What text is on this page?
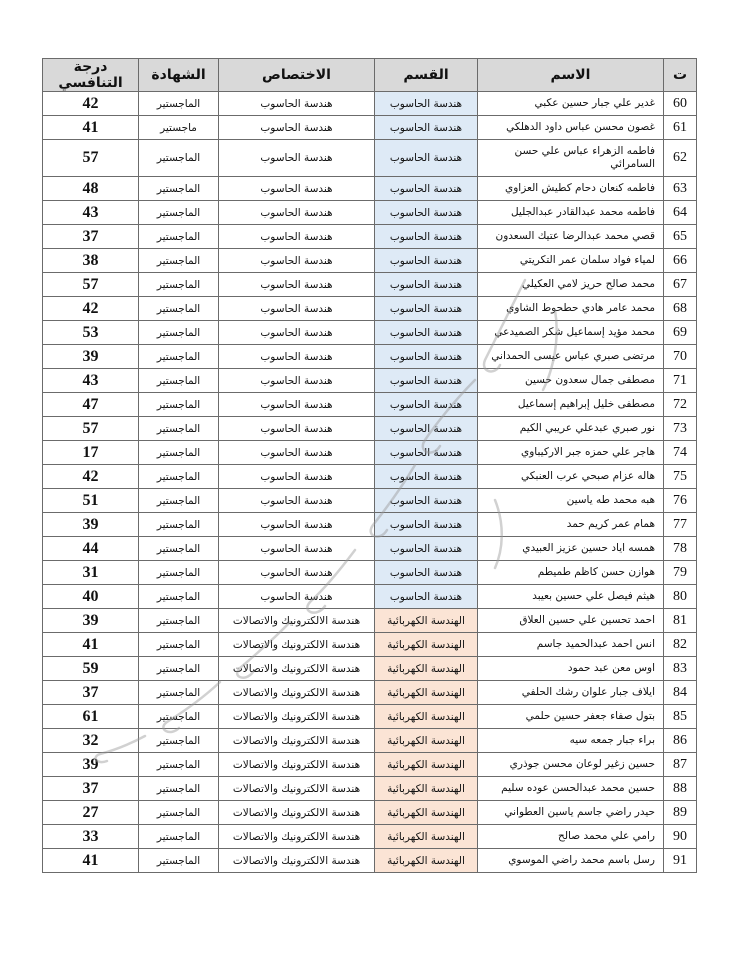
ت	الاسم	القسم	الاختصاص	الشهادة	درجة التنافسي
60	غدير علي جبار حسين عكبي	هندسة الحاسوب	هندسة الحاسوب	الماجستير	42
61	غصون محسن عباس داود الدهلكي	هندسة الحاسوب	هندسة الحاسوب	ماجستير	41
62	فاطمه الزهراء عباس علي حسن السامرائي	هندسة الحاسوب	هندسة الحاسوب	الماجستير	57
63	فاطمه كنعان دحام كطيش العزاوي	هندسة الحاسوب	هندسة الحاسوب	الماجستير	48
64	فاطمه محمد عبدالقادر عبدالجليل	هندسة الحاسوب	هندسة الحاسوب	الماجستير	43
65	قصي محمد عبدالرضا عتيك السعدون	هندسة الحاسوب	هندسة الحاسوب	الماجستير	37
66	لمياء فواد سلمان عمر التكريتي	هندسة الحاسوب	هندسة الحاسوب	الماجستير	38
67	محمد صالح حريز لامي العكيلي	هندسة الحاسوب	هندسة الحاسوب	الماجستير	57
68	محمد عامر هادي حطحوط الشاوي	هندسة الحاسوب	هندسة الحاسوب	الماجستير	42
69	محمد مؤيد إسماعيل شكر الصميدعي	هندسة الحاسوب	هندسة الحاسوب	الماجستير	53
70	مرتضى صبري عباس عيسى الحمداني	هندسة الحاسوب	هندسة الحاسوب	الماجستير	39
71	مصطفى جمال سعدون حسين	هندسة الحاسوب	هندسة الحاسوب	الماجستير	43
72	مصطفى خليل إبراهيم إسماعيل	هندسة الحاسوب	هندسة الحاسوب	الماجستير	47
73	نور صبري عبدعلي عريبي الكيم	هندسة الحاسوب	هندسة الحاسوب	الماجستير	57
74	هاجر علي حمزه جبر الاركيباوي	هندسة الحاسوب	هندسة الحاسوب	الماجستير	17
75	هاله عزام صبحي عرب العنبكي	هندسة الحاسوب	هندسة الحاسوب	الماجستير	42
76	هبه محمد طه ياسين	هندسة الحاسوب	هندسة الحاسوب	الماجستير	51
77	همام عمر كريم حمد	هندسة الحاسوب	هندسة الحاسوب	الماجستير	39
78	همسه اياد حسين عزيز العبيدي	هندسة الحاسوب	هندسة الحاسوب	الماجستير	44
79	هوازن حسن كاظم طميطم	هندسة الحاسوب	هندسة الحاسوب	الماجستير	31
80	هيثم فيصل علي حسين بعيبد	هندسة الحاسوب	هندسة الحاسوب	الماجستير	40
81	احمد تحسين علي حسين العلاق	الهندسة الكهربائية	هندسة الالكترونيك والاتصالات	الماجستير	39
82	انس احمد عبدالحميد جاسم	الهندسة الكهربائية	هندسة الالكترونيك والاتصالات	الماجستير	41
83	اوس معن عبد حمود	الهندسة الكهربائية	هندسة الالكترونيك والاتصالات	الماجستير	59
84	ايلاف جبار علوان رشك الحلفي	الهندسة الكهربائية	هندسة الالكترونيك والاتصالات	الماجستير	37
85	بتول صفاء جعفر حسين حلمي	الهندسة الكهربائية	هندسة الالكترونيك والاتصالات	الماجستير	61
86	براء جبار جمعه سيه	الهندسة الكهربائية	هندسة الالكترونيك والاتصالات	الماجستير	32
87	حسين زغير لوعان محسن جوذري	الهندسة الكهربائية	هندسة الالكترونيك والاتصالات	الماجستير	39
88	حسين محمد عبدالحسن عوده سليم	الهندسة الكهربائية	هندسة الالكترونيك والاتصالات	الماجستير	37
89	حيدر راضي جاسم ياسين العطواني	الهندسة الكهربائية	هندسة الالكترونيك والاتصالات	الماجستير	27
90	رامي علي محمد صالح	الهندسة الكهربائية	هندسة الالكترونيك والاتصالات	الماجستير	33
91	رسل باسم محمد راضي الموسوي	الهندسة الكهربائية	هندسة الالكترونيك والاتصالات	الماجستير	41
